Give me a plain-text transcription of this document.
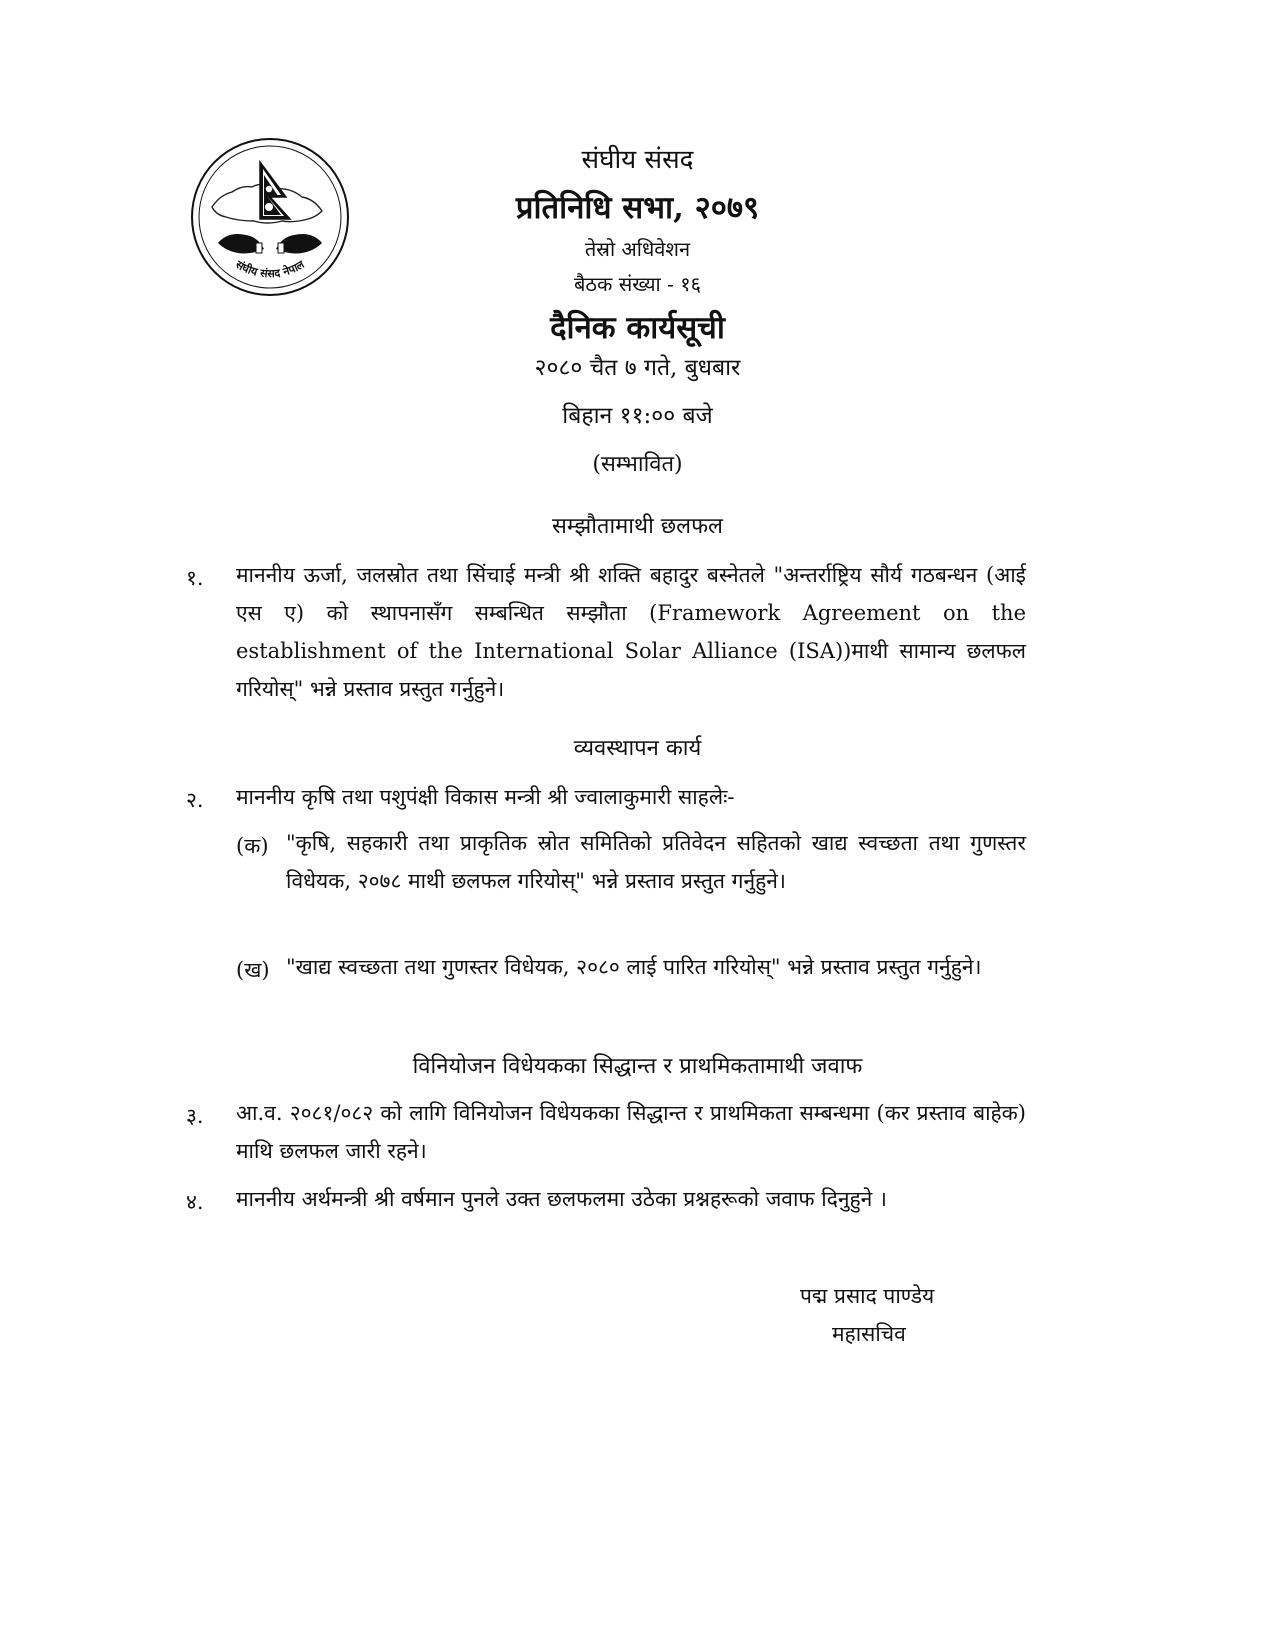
संघीय संसद नेपाल
संघीय संसद
प्रतिनिधि सभा, २०७९
तेस्रो अधिवेशन
बैठक संख्या - १६
दैनिक कार्यसूची
२०८० चैत ७ गते, बुधबार
बिहान ११:०० बजे
(सम्भावित)
सम्झौतामाथी छलफल
१. माननीय ऊर्जा, जलस्रोत तथा सिंचाई मन्त्री श्री शक्ति बहादुर बस्नेतले "अन्तर्राष्ट्रिय सौर्य गठबन्धन (आई एस ए) को स्थापनासँग सम्बन्धित सम्झौता (Framework Agreement on the establishment of the International Solar Alliance (ISA))माथी सामान्य छलफल गरियोस्" भन्ने प्रस्ताव प्रस्तुत गर्नुहुने।
व्यवस्थापन कार्य
२. माननीय कृषि तथा पशुपंक्षी विकास मन्त्री श्री ज्वालाकुमारी साहलेः-
(क) "कृषि, सहकारी तथा प्राकृतिक स्रोत समितिको प्रतिवेदन सहितको खाद्य स्वच्छता तथा गुणस्तर विधेयक, २०७८ माथी छलफल गरियोस्" भन्ने प्रस्ताव प्रस्तुत गर्नुहुने।
(ख) "खाद्य स्वच्छता तथा गुणस्तर विधेयक, २०८० लाई पारित गरियोस्" भन्ने प्रस्ताव प्रस्तुत गर्नुहुने।
विनियोजन विधेयकका सिद्धान्त र प्राथमिकतामाथी जवाफ
३. आ.व. २०८१/०८२ को लागि विनियोजन विधेयकका सिद्धान्त र प्राथमिकता सम्बन्धमा (कर प्रस्ताव बाहेक) माथि छलफल जारी रहने।
४. माननीय अर्थमन्त्री श्री वर्षमान पुनले उक्त छलफलमा उठेका प्रश्नहरूको जवाफ दिनुहुने ।
पद्म प्रसाद पाण्डेय
महासचिव
